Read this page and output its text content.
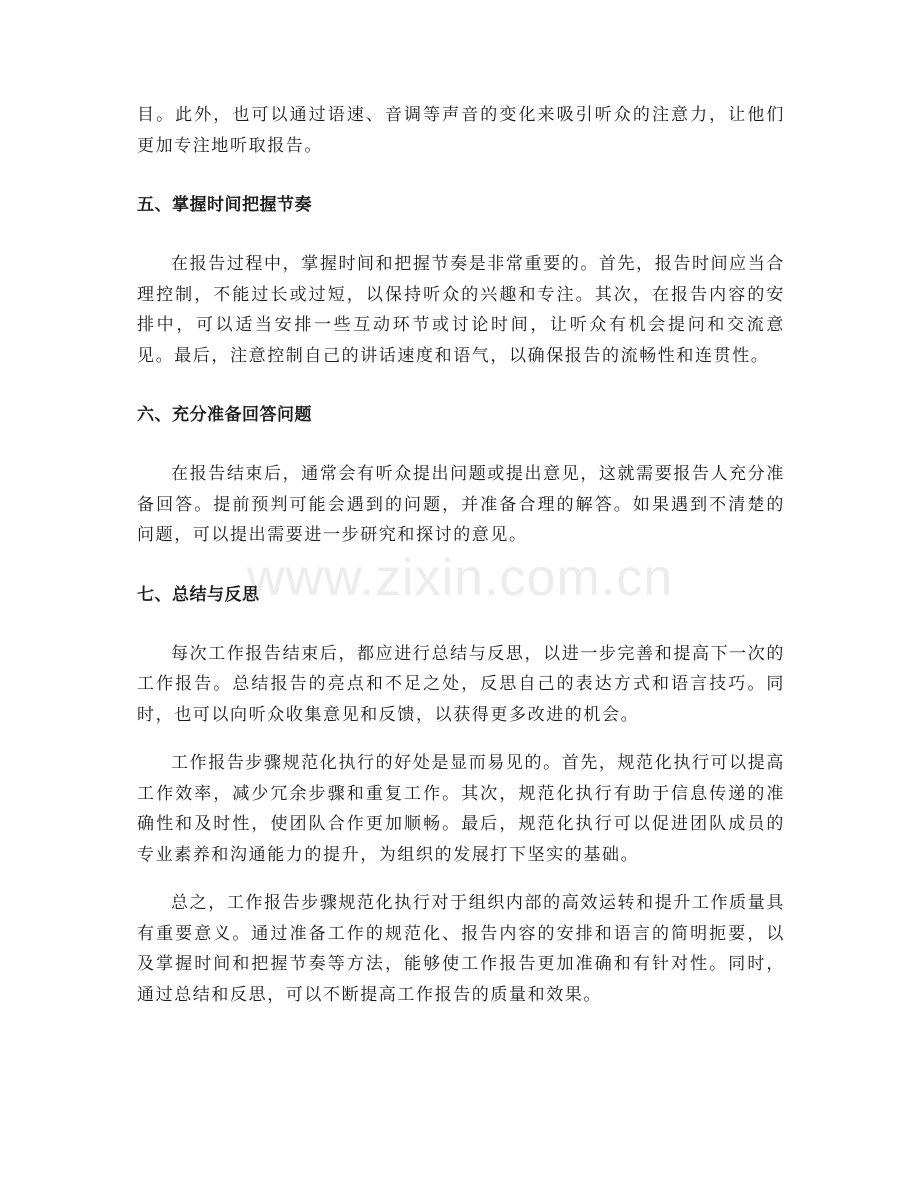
www.zixin.com.cn

目。此外，也可以通过语速、音调等声音的变化来吸引听众的注意力，让他们更加专注地听取报告。

五、掌握时间把握节奏

在报告过程中，掌握时间和把握节奏是非常重要的。首先，报告时间应当合理控制，不能过长或过短，以保持听众的兴趣和专注。其次，在报告内容的安排中，可以适当安排一些互动环节或讨论时间，让听众有机会提问和交流意见。最后，注意控制自己的讲话速度和语气，以确保报告的流畅性和连贯性。

六、充分准备回答问题

在报告结束后，通常会有听众提出问题或提出意见，这就需要报告人充分准备回答。提前预判可能会遇到的问题，并准备合理的解答。如果遇到不清楚的问题，可以提出需要进一步研究和探讨的意见。

七、总结与反思

每次工作报告结束后，都应进行总结与反思，以进一步完善和提高下一次的工作报告。总结报告的亮点和不足之处，反思自己的表达方式和语言技巧。同时，也可以向听众收集意见和反馈，以获得更多改进的机会。

工作报告步骤规范化执行的好处是显而易见的。首先，规范化执行可以提高工作效率，减少冗余步骤和重复工作。其次，规范化执行有助于信息传递的准确性和及时性，使团队合作更加顺畅。最后，规范化执行可以促进团队成员的专业素养和沟通能力的提升，为组织的发展打下坚实的基础。

总之，工作报告步骤规范化执行对于组织内部的高效运转和提升工作质量具有重要意义。通过准备工作的规范化、报告内容的安排和语言的简明扼要，以及掌握时间和把握节奏等方法，能够使工作报告更加准确和有针对性。同时，通过总结和反思，可以不断提高工作报告的质量和效果。
